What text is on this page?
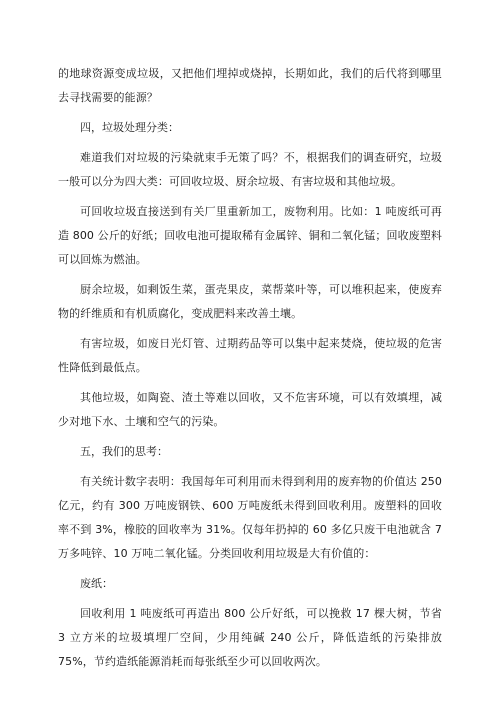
的地球资源变成垃圾，又把他们埋掉或烧掉，长期如此，我们的后代将到哪里去寻找需要的能源？

四，垃圾处理分类：

难道我们对垃圾的污染就束手无策了吗？不，根据我们的调查研究，垃圾一般可以分为四大类：可回收垃圾、厨余垃圾、有害垃圾和其他垃圾。

可回收垃圾直接送到有关厂里重新加工，废物利用。比如：1 吨废纸可再造 800 公斤的好纸；回收电池可提取稀有金属锌、铜和二氧化锰；回收废塑料可以回炼为燃油。

厨余垃圾，如剩饭生菜，蛋壳果皮，菜帮菜叶等，可以堆积起来，使废弃物的纤维质和有机质腐化，变成肥料来改善土壤。

有害垃圾，如废日光灯管、过期药品等可以集中起来焚烧，使垃圾的危害性降低到最低点。

其他垃圾，如陶瓷、渣土等难以回收，又不危害环境，可以有效填埋，减少对地下水、土壤和空气的污染。

五，我们的思考：

有关统计数字表明：我国每年可利用而未得到利用的废弃物的价值达 250 亿元，约有 300 万吨废钢铁、600 万吨废纸未得到回收利用。废塑料的回收率不到 3%，橡胶的回收率为 31%。仅每年扔掉的 60 多亿只废干电池就含 7 万多吨锌、10 万吨二氧化锰。分类回收利用垃圾是大有价值的：

废纸：

回收利用 1 吨废纸可再造出 800 公斤好纸，可以挽救 17 棵大树，节省 3 立方米的垃圾填埋厂空间，少用纯碱 240 公斤，降低造纸的污染排放 75%，节约造纸能源消耗而每张纸至少可以回收两次。
